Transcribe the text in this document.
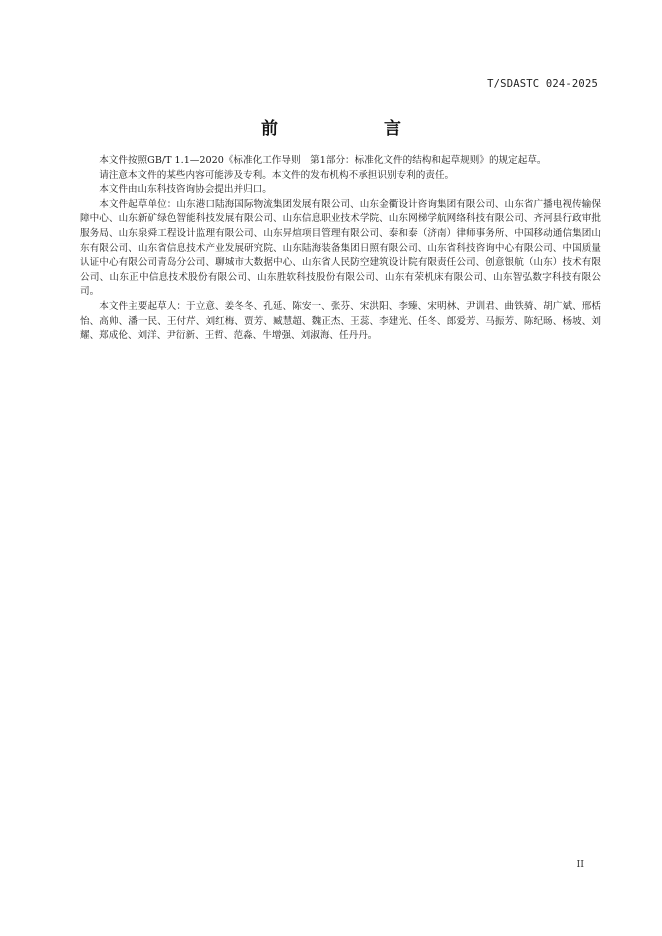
T/SDASTC 024-2025
前　　言

本文件按照GB/T 1.1—2020《标准化工作导则　第1部分：标准化文件的结构和起草规则》的规定起草。

请注意本文件的某些内容可能涉及专利。本文件的发布机构不承担识别专利的责任。

本文件由山东科技咨询协会提出并归口。

本文件起草单位：山东港口陆海国际物流集团发展有限公司、山东金衢设计咨询集团有限公司、山东省广播电视传输保障中心、山东新矿绿色智能科技发展有限公司、山东信息职业技术学院、山东网梯学航网络科技有限公司、齐河县行政审批服务局、山东泉舜工程设计监理有限公司、山东昇煊项目管理有限公司、泰和泰（济南）律师事务所、中国移动通信集团山东有限公司、山东省信息技术产业发展研究院、山东陆海装备集团日照有限公司、山东省科技咨询中心有限公司、中国质量认证中心有限公司青岛分公司、聊城市大数据中心、山东省人民防空建筑设计院有限责任公司、创意银航（山东）技术有限公司、山东正中信息技术股份有限公司、山东胜软科技股份有限公司、山东有荣机床有限公司、山东智弘数字科技有限公司。

本文件主要起草人：于立意、姜冬冬、孔延、陈安一、张芬、宋洪阳、李臻、宋明林、尹训君、曲铁骑、胡广斌、邢栝怡、高帅、潘一民、王付芹、刘红梅、贾芳、臧慧超、魏正杰、王蕊、李建光、任冬、郎爱芳、马振芳、陈纪旸、杨坡、刘耀、郑成伦、刘洋、尹衍新、王哲、范淼、牛增强、刘淑海、任丹丹。

II
